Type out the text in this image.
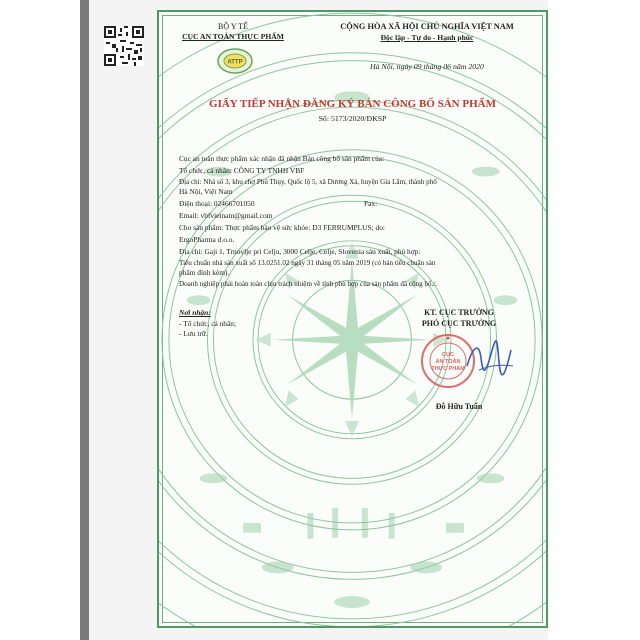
ATTP
BỘ Y TẾ
CỤC AN TOÀN THỰC PHẨM
CỘNG HÒA XÃ HỘI CHỦ NGHĨA VIỆT NAM
Độc lập - Tự do - Hạnh phúc
Hà Nội, ngày 09 tháng 06 năm 2020
GIẤY TIẾP NHẬN ĐĂNG KÝ BẢN CÔNG BỐ SẢN PHẨM
Số: 5173/2020/ĐKSP
Cục an toàn thực phẩm xác nhận đã nhận Bản công bố sản phẩm của:
Tổ chức, cá nhân: CÔNG TY TNHH VBF
Địa chỉ: Nhà số 3, khu chợ Phú Thụy, Quốc lộ 5, xã Dương Xá, huyện Gia Lâm, thành phố
Hà Nội, Việt Nam
Điện thoại: 02466701050	Fax:
Email: vbfvietnam@gmail.com
Cho sản phẩm: Thực phẩm bảo vệ sức khỏe: D3 FERRUMPLUS; do:
ErgoPharma d.o.o.
Địa chỉ: Gaji 1, Trnovlje pri Celju, 3000 Celje, Celje, Slovenia sản xuất, phù hợp:
Tiêu chuẩn nhà sản xuất số 13.0251.02 ngày 31 tháng 05 năm 2019 (có bản tiêu chuẩn sản
phẩm đính kèm).
Doanh nghiệp phải hoàn toàn chịu trách nhiệm về tính phù hợp của sản phẩm đã công bố./.
Nơi nhận:
- Tổ chức, cá nhân;
- Lưu trữ.
KT. CỤC TRƯỞNG
PHÓ CỤC TRƯỞNG
CỤC
AN TOÀN
THỰC PHẨM
Đỗ Hữu Tuấn
